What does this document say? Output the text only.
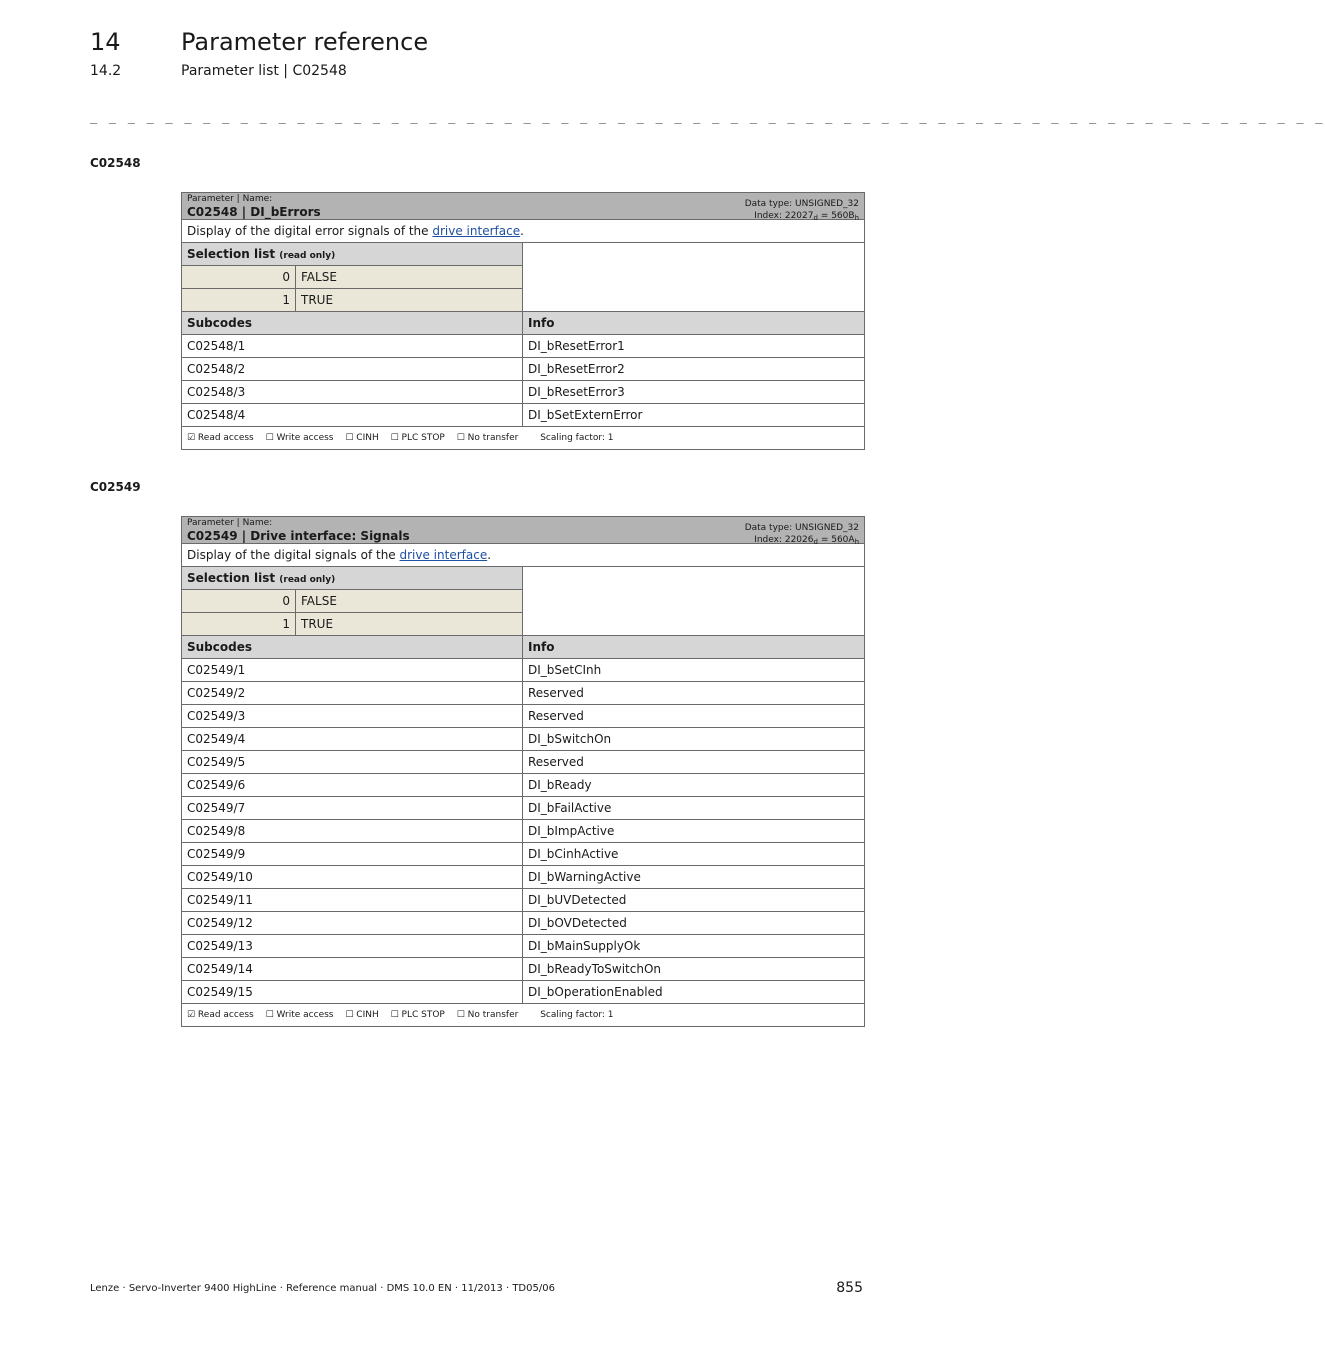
14	Parameter reference
14.2	Parameter list | C02548
_ _ _ _ _ _ _ _ _ _ _ _ _ _ _ _ _ _ _ _ _ _ _ _ _ _ _ _ _ _ _ _ _ _ _ _ _ _ _ _ _ _ _ _ _ _ _ _ _ _ _ _ _ _ _ _ _ _ _ _ _ _ _ _ _ _
C02548
Parameter | Name:
C02548 | DI_bErrors
Data type: UNSIGNED_32
Index: $22027_d = 560B_h$

Display of the digital error signals of the drive interface.		
Selection list (read only)		
0	FALSE	
1	TRUE	
Subcodes		Info
C02548/1		DI_bResetError1
C02548/2		DI_bResetError2
C02548/3		DI_bResetError3
C02548/4		DI_bSetExternError
☑ Read access ☐ Write access ☐ CINH ☐ PLC STOP ☐ No transfer Scaling factor: 1		
C02549
Parameter | Name:
C02549 | Drive interface: Signals
Data type: UNSIGNED_32
Index: $22026_d = 560A_h$

Display of the digital signals of the drive interface.		
Selection list (read only)		
0	FALSE	
1	TRUE	
Subcodes		Info
C02549/1		DI_bSetCInh
C02549/2		Reserved
C02549/3		Reserved
C02549/4		DI_bSwitchOn
C02549/5		Reserved
C02549/6		DI_bReady
C02549/7		DI_bFailActive
C02549/8		DI_bImpActive
C02549/9		DI_bCinhActive
C02549/10		DI_bWarningActive
C02549/11		DI_bUVDetected
C02549/12		DI_bOVDetected
C02549/13		DI_bMainSupplyOk
C02549/14		DI_bReadyToSwitchOn
C02549/15		DI_bOperationEnabled
☑ Read access ☐ Write access ☐ CINH ☐ PLC STOP ☐ No transfer Scaling factor: 1		
Lenze · Servo-Inverter 9400 HighLine · Reference manual · DMS 10.0 EN · 11/2013 · TD05/06	855
